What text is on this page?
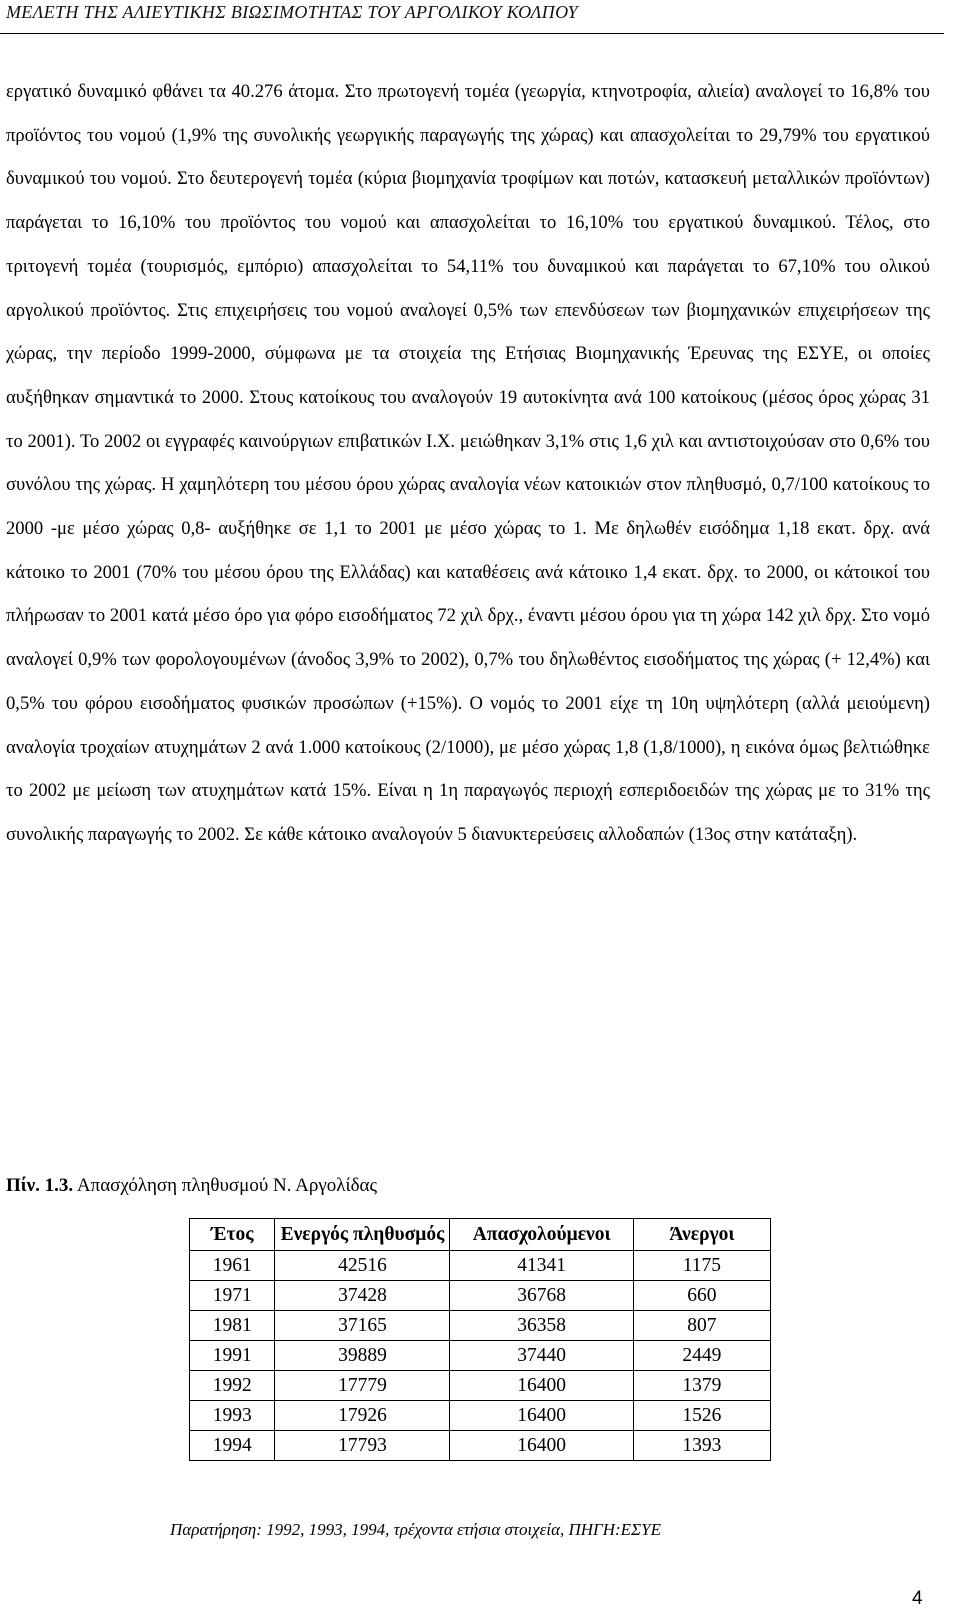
ΜΕΛΕΤΗ ΤΗΣ ΑΛΙΕΥΤΙΚΗΣ ΒΙΩΣΙΜΟΤΗΤΑΣ ΤΟΥ ΑΡΓΟΛΙΚΟΥ ΚΟΛΠΟΥ

εργατικό δυναμικό φθάνει τα 40.276 άτομα. Στο πρωτογενή τομέα (γεωργία, κτηνοτροφία, αλιεία) αναλογεί το 16,8% του προϊόντος του νομού (1,9% της συνολικής γεωργικής παραγωγής της χώρας) και απασχολείται το 29,79% του εργατικού δυναμικού του νομού. Στο δευτερογενή τομέα (κύρια βιομηχανία τροφίμων και ποτών, κατασκευή μεταλλικών προϊόντων) παράγεται το 16,10% του προϊόντος του νομού και απασχολείται το 16,10% του εργατικού δυναμικού. Τέλος, στο τριτογενή τομέα (τουρισμός, εμπόριο) απασχολείται το 54,11% του δυναμικού και παράγεται το 67,10% του ολικού αργολικού προϊόντος. Στις επιχειρήσεις του νομού αναλογεί 0,5% των επενδύσεων των βιομηχανικών επιχειρήσεων της χώρας, την περίοδο 1999-2000, σύμφωνα με τα στοιχεία της Ετήσιας Βιομηχανικής Έρευνας της ΕΣΥΕ, οι οποίες αυξήθηκαν σημαντικά το 2000. Στους κατοίκους του αναλογούν 19 αυτοκίνητα ανά 100 κατοίκους (μέσος όρος χώρας 31 το 2001). Το 2002 οι εγγραφές καινούργιων επιβατικών Ι.Χ. μειώθηκαν 3,1% στις 1,6 χιλ και αντιστοιχούσαν στο 0,6% του συνόλου της χώρας. Η χαμηλότερη του μέσου όρου χώρας αναλογία νέων κατοικιών στον πληθυσμό, 0,7/100 κατοίκους το 2000 -με μέσο χώρας 0,8- αυξήθηκε σε 1,1 το 2001 με μέσο χώρας το 1. Με δηλωθέν εισόδημα 1,18 εκατ. δρχ. ανά κάτοικο το 2001 (70% του μέσου όρου της Ελλάδας) και καταθέσεις ανά κάτοικο 1,4 εκατ. δρχ. το 2000, οι κάτοικοί του πλήρωσαν το 2001 κατά μέσο όρο για φόρο εισοδήματος 72 χιλ δρχ., έναντι μέσου όρου για τη χώρα 142 χιλ δρχ. Στο νομό αναλογεί 0,9% των φορολογουμένων (άνοδος 3,9% το 2002), 0,7% του δηλωθέντος εισοδήματος της χώρας (+ 12,4%) και 0,5% του φόρου εισοδήματος φυσικών προσώπων (+15%). Ο νομός το 2001 είχε τη 10η υψηλότερη (αλλά μειούμενη) αναλογία τροχαίων ατυχημάτων 2 ανά 1.000 κατοίκους (2/1000), με μέσο χώρας 1,8 (1,8/1000), η εικόνα όμως βελτιώθηκε το 2002 με μείωση των ατυχημάτων κατά 15%. Είναι η 1η παραγωγός περιοχή εσπεριδοειδών της χώρας με το 31% της συνολικής παραγωγής το 2002. Σε κάθε κάτοικο αναλογούν 5 διανυκτερεύσεις αλλοδαπών (13ος στην κατάταξη).

Πίν. 1.3. Απασχόληση πληθυσμού Ν. Αργολίδας
Έτος	Ενεργός πληθυσμός	Απασχολούμενοι	Άνεργοι
1961	42516	41341	1175
1971	37428	36768	660
1981	37165	36358	807
1991	39889	37440	2449
1992	17779	16400	1379
1993	17926	16400	1526
1994	17793	16400	1393
Παρατήρηση: 1992, 1993, 1994, τρέχοντα ετήσια στοιχεία, ΠΗΓΗ:ΕΣΥΕ
4
